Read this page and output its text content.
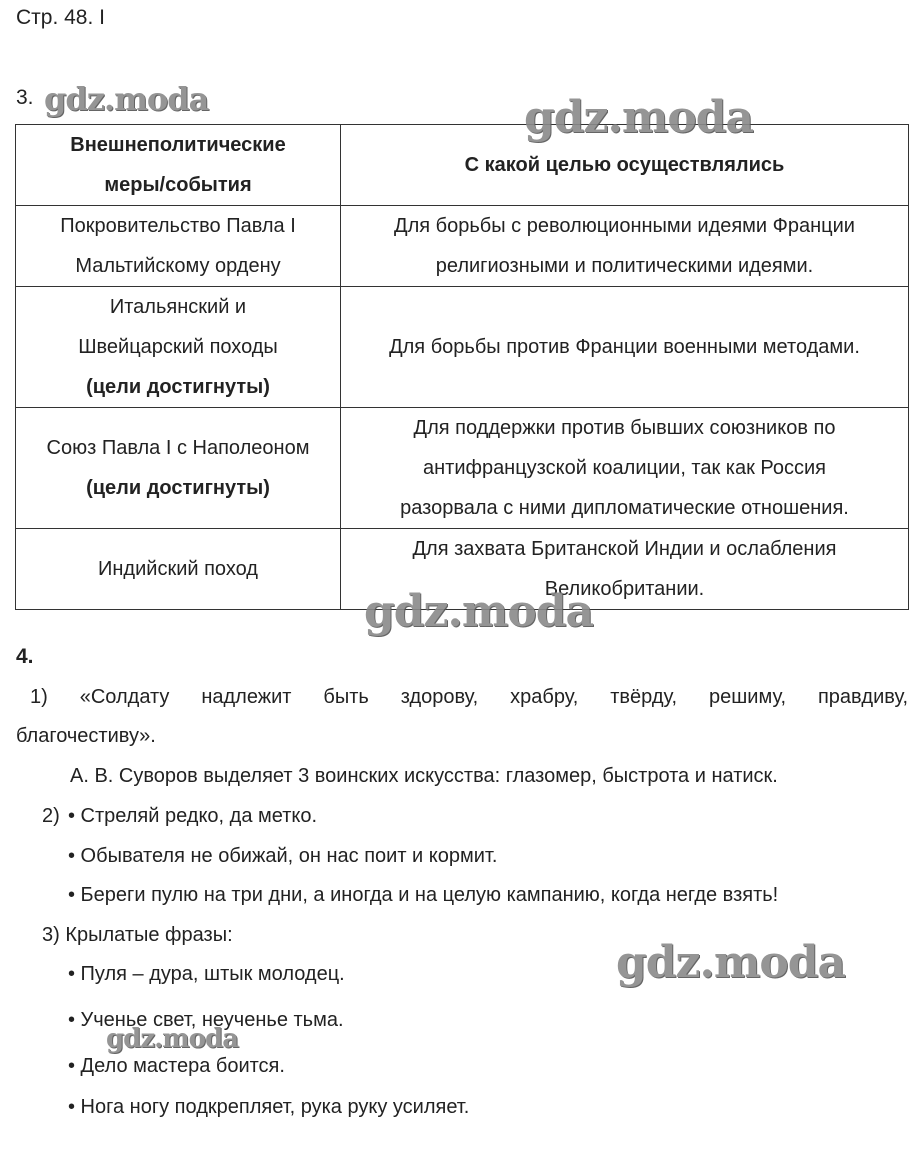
Стр. 48. I
3.
Внешнеполитические
меры/события	С какой целью осуществлялись
Покровительство Павла I
Мальтийскому ордену	Для борьбы с революционными идеями Франции
религиозными и политическими идеями.
Итальянский и
Швейцарский походы
(цели достигнуты)	Для борьбы против Франции военными методами.
Союз Павла I с Наполеоном
(цели достигнуты)	Для поддержки против бывших союзников по
антифранцузской коалиции, так как Россия
разорвала с ними дипломатические отношения.
Индийский поход	Для захвата Британской Индии и ослабления
Великобритании.
4.
1) «Солдату надлежит быть здорову, храбру, твёрду, решиму, правдиву,
благочестиву».
А. В. Суворов выделяет 3 воинских искусства: глазомер, быстрота и натиск.
2) • Стреляй редко, да метко.
• Обывателя не обижай, он нас поит и кормит.
• Береги пулю на три дни, а иногда и на целую кампанию, когда негде взять!
3) Крылатые фразы:
• Пуля – дура, штык молодец.
• Ученье свет, неученье тьма.
• Дело мастера боится.
• Нога ногу подкрепляет, рука руку усиляет.
gdz.moda	gdz.moda
gdz.moda
gdz.moda
gdz.moda
